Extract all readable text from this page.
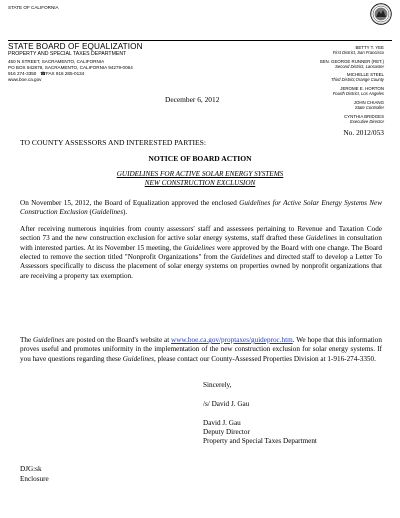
STATE OF CALIFORNIA
STATE BOARD OF EQUALIZATION
PROPERTY AND SPECIAL TAXES DEPARTMENT
450 N STREET, SACRAMENTO, CALIFORNIA
PO BOX 942879, SACRAMENTO, CALIFORNIA 94279-0064
916 274-3350 ☎FAX 916 285-0134
www.boe.ca.gov
BETTY T. YEE
First District, San Francisco
SEN. GEORGE RUNNER (RET.)
Second District, Lancaster
MICHELLE STEEL
Third District,Orange County
JEROME E. HORTON
Fourth District, Los Angeles
JOHN CHIANG
State Controller
CYNTHIA BRIDGES
Executive Director
December 6, 2012
No. 2012/053
TO COUNTY ASSESSORS AND INTERESTED PARTIES:
NOTICE OF BOARD ACTION
GUIDELINES FOR ACTIVE SOLAR ENERGY SYSTEMS
NEW CONSTRUCTION EXCLUSION
On November 15, 2012, the Board of Equalization approved the enclosed Guidelines for Active Solar Energy Systems New Construction Exclusion (Guidelines).
After receiving numerous inquiries from county assessors' staff and assessees pertaining to Revenue and Taxation Code section 73 and the new construction exclusion for active solar energy systems, staff drafted these Guidelines in consultation with interested parties. At its November 15 meeting, the Guidelines were approved by the Board with one change. The Board elected to remove the section titled "Nonprofit Organizations" from the Guidelines and directed staff to develop a Letter To Assessors specifically to discuss the placement of solar energy systems on properties owned by nonprofit organizations that are receiving a property tax exemption.
The Guidelines are posted on the Board's website at www.boe.ca.gov/proptaxes/guideproc.htm. We hope that this information proves useful and promotes uniformity in the implementation of the new construction exclusion for solar energy systems. If you have questions regarding these Guidelines, please contact our County-Assessed Properties Division at 1-916-274-3350.
Sincerely,
/s/ David J. Gau
David J. Gau
Deputy Director
Property and Special Taxes Department
DJG:sk
Enclosure
